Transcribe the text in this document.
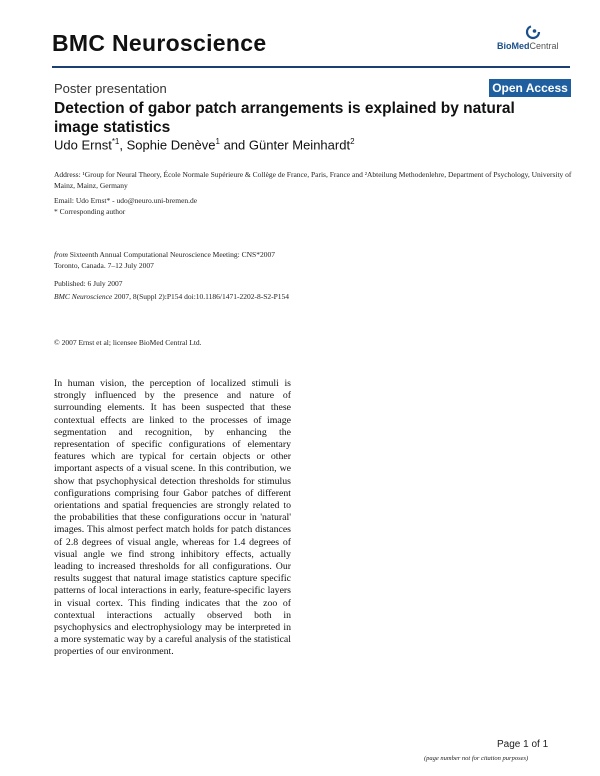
BMC Neuroscience	BioMedCentral
Poster presentation	Open Access
Detection of gabor patch arrangements is explained by natural image statistics
Udo Ernst$^{*1}$, Sophie Denève$^1$ and Günter Meinhardt$^2$
Address: ¹Group for Neural Theory, École Normale Supérieure & Collège de France, Paris, France and ²Abteilung Methodenlehre, Department of Psychology, University of Mainz, Mainz, Germany
Email: Udo Ernst* - udo@neuro.uni-bremen.de
* Corresponding author
from Sixteenth Annual Computational Neuroscience Meeting: CNS*2007
Toronto, Canada. 7–12 July 2007
Published: 6 July 2007
BMC Neuroscience 2007, 8(Suppl 2):P154 doi:10.1186/1471-2202-8-S2-P154
© 2007 Ernst et al; licensee BioMed Central Ltd.
In human vision, the perception of localized stimuli is strongly influenced by the presence and nature of surrounding elements. It has been suspected that these contextual effects are linked to the processes of image segmentation and recognition, by enhancing the representation of specific configurations of elementary features which are typical for certain objects or other important aspects of a visual scene. In this contribution, we show that psychophysical detection thresholds for stimulus configurations comprising four Gabor patches of different orientations and spatial frequencies are strongly related to the probabilities that these configurations occur in 'natural' images. This almost perfect match holds for patch distances of 2.8 degrees of visual angle, whereas for 1.4 degrees of visual angle we find strong inhibitory effects, actually leading to increased thresholds for all configurations. Our results suggest that natural image statistics capture specific patterns of local interactions in early, feature-specific layers in visual cortex. This finding indicates that the zoo of contextual interactions actually observed both in psychophysics and electrophysiology may be interpreted in a more systematic way by a careful analysis of the statistical properties of our environment.
Page 1 of 1
(page number not for citation purposes)
